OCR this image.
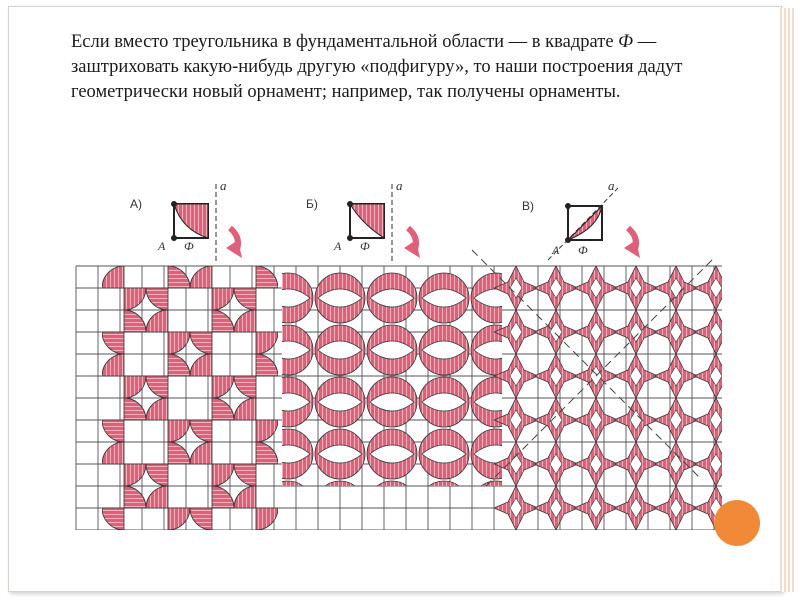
Если вместо треугольника в фундаментальной области — в квадрате Ф — заштриховать какую-нибудь другую «подфигуру», то наши построения дадут геометрически новый орнамент; например, так получены орнаменты.
А)
a
A Ф
Б)
a
A Ф
В)
a
A Ф
